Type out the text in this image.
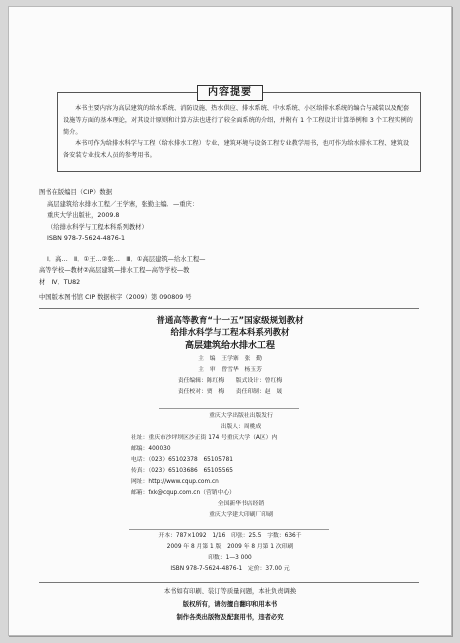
内容提要
本书主要内容为高层建筑的给水系统、消防设施、热水供应、排水系统、中水系统、小区给排水系统的编合与减装以及配套设施等方面的基本理论，对其设计原则和计算方法也进行了较全面系统的介绍，并附有 1 个工程设计计算举例和 3 个工程实例的简介。
本书可作为给排水科学与工程（给水排水工程）专业、建筑环境与设备工程专业教学用书，也可作为给水排水工程、建筑设备安装专业技术人员的参考用书。
图书在版编目（CIP）数据
高层建筑给水排水工程／王学寨，张勤主编．—重庆：
重庆大学出版社，2009.8
（给排水科学与工程本科系列教材）
ISBN 978-7-5624-4876-1
Ⅰ．高…　Ⅱ．①王…②张…　Ⅲ．①高层建筑—给水工程—
高等学校—教材②高层建筑—排水工程—高等学校—教
材　Ⅳ．TU82
中国版本图书馆 CIP 数据核字（2009）第 090809 号
普通高等教育“十一五”国家级规划教材
给排水科学与工程本科系列教材
高层建筑给水排水工程
主　编　王学寨　张　勤
主　审　曾雪华　杨玉芳
责任编辑：陈红梅　　版式设计：曾红梅
责任校对：贾　梅　　责任印制：赵　晟
重庆大学出版社出版发行
出版人：周桃成
社址：重庆市沙坪坝区沙正街 174 号重庆大学（A区）内
邮编：400030
电话：（023）65102378　65105781
传真：（023）65103686　65105565
网址：http://www.cqup.com.cn
邮箱：fxk@cqup.com.cn（营销中心）
全国新华书店经销
重庆大学建大印刷厂印刷
开本：787×1092　1/16　印张：25.5　字数：636千
2009 年 8 月第 1 版　2009 年 8 月第 1 次印刷
印数：1—3 000
ISBN 978-7-5624-4876-1　定价：37.00 元
本书如有印刷、装订等质量问题，本社负责调换
版权所有，请勿擅自翻印和用本书
制作各类出版物及配套用书，违者必究
